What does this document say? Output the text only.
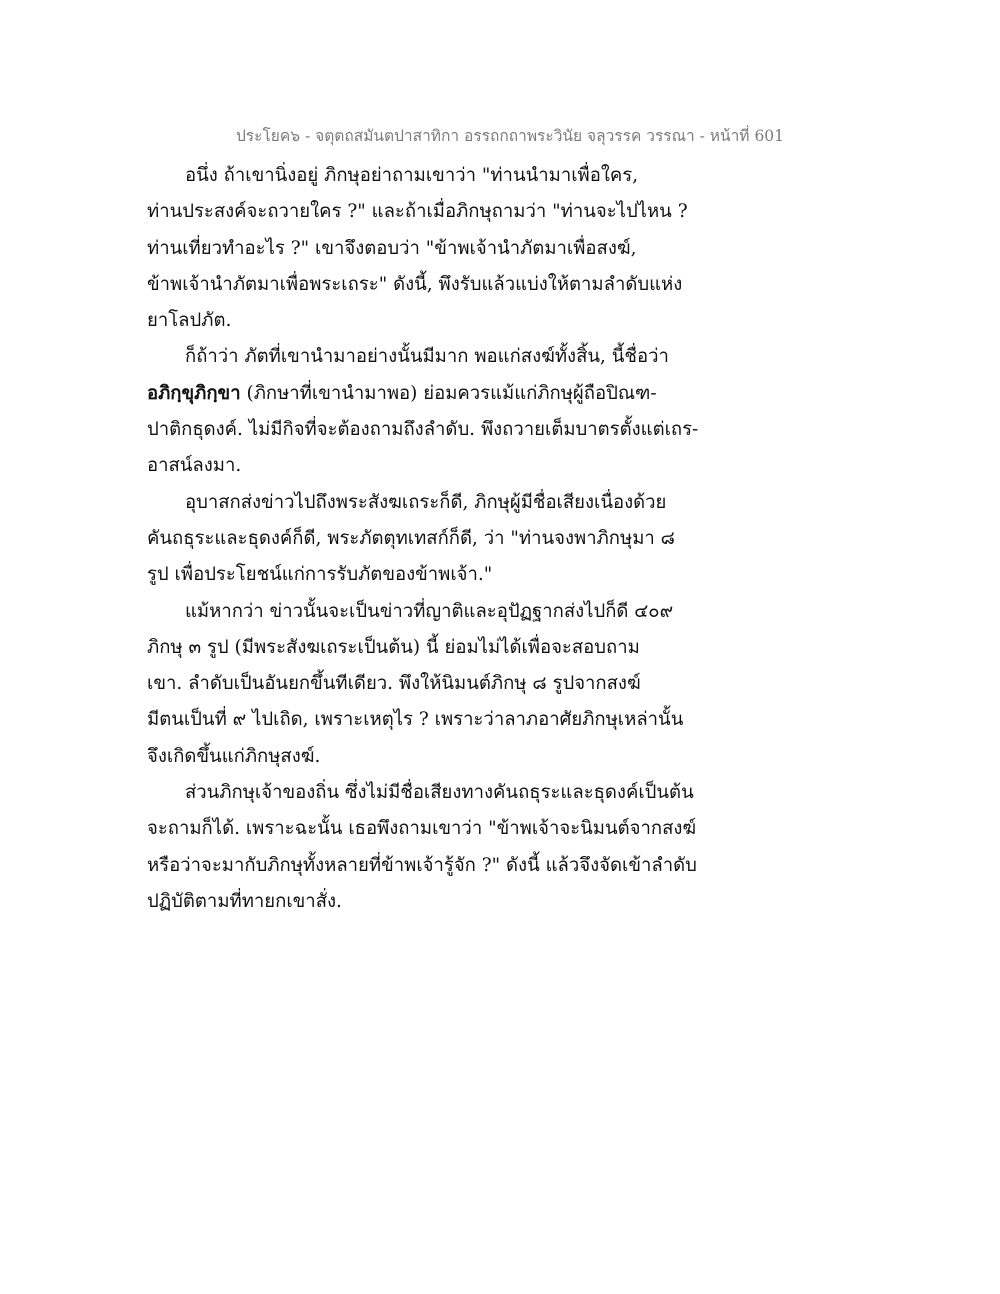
ประโยค๖ - จตุตถสมันตปาสาทิกา อรรถกถาพระวินัย จลุวรรค วรรณา - หน้าที่ 601
อนึ่ง ถ้าเขานิ่งอยู่ ภิกษุอย่าถามเขาว่า "ท่านนำมาเพื่อใคร,
ท่านประสงค์จะถวายใคร ?" และถ้าเมื่อภิกษุถามว่า "ท่านจะไปไหน ?
ท่านเที่ยวทำอะไร ?" เขาจึงตอบว่า "ข้าพเจ้านำภัตมาเพื่อสงฆ์,
ข้าพเจ้านำภัตมาเพื่อพระเถระ" ดังนี้, พึงรับแล้วแบ่งให้ตามลำดับแห่ง
ยาโลปภัต.
ก็ถ้าว่า ภัตที่เขานำมาอย่างนั้นมีมาก พอแก่สงฆ์ทั้งสิ้น, นี้ชื่อว่า
อภิกฺขุภิกฺขา (ภิกษาที่เขานำมาพอ) ย่อมควรแม้แก่ภิกษุผู้ถือปิณฑ-
ปาติกธุดงค์. ไม่มีกิจที่จะต้องถามถึงลำดับ. พึงถวายเต็มบาตรตั้งแต่เถร-
อาสน์ลงมา.
อุบาสกส่งข่าวไปถึงพระสังฆเถระก็ดี, ภิกษุผู้มีชื่อเสียงเนื่องด้วย
คันถธุระและธุดงค์ก็ดี, พระภัตตุทเทสก์ก็ดี, ว่า "ท่านจงพาภิกษุมา ๘
รูป เพื่อประโยชน์แก่การรับภัตของข้าพเจ้า."
แม้หากว่า ข่าวนั้นจะเป็นข่าวที่ญาติและอุปัฏฐากส่งไปก็ดี ๔๐๙
ภิกษุ ๓ รูป (มีพระสังฆเถระเป็นต้น) นี้ ย่อมไม่ได้เพื่อจะสอบถาม
เขา. ลำดับเป็นอันยกขึ้นทีเดียว. พึงให้นิมนต์ภิกษุ ๘ รูปจากสงฆ์
มีตนเป็นที่ ๙ ไปเถิด, เพราะเหตุไร ? เพราะว่าลาภอาศัยภิกษุเหล่านั้น
จึงเกิดขึ้นแก่ภิกษุสงฆ์.
ส่วนภิกษุเจ้าของถิ่น ซึ่งไม่มีชื่อเสียงทางคันถธุระและธุดงค์เป็นต้น
จะถามก็ได้. เพราะฉะนั้น เธอพึงถามเขาว่า "ข้าพเจ้าจะนิมนต์จากสงฆ์
หรือว่าจะมากับภิกษุทั้งหลายที่ข้าพเจ้ารู้จัก ?" ดังนี้ แล้วจึงจัดเข้าลำดับ
ปฏิบัติตามที่ทายกเขาสั่ง.
